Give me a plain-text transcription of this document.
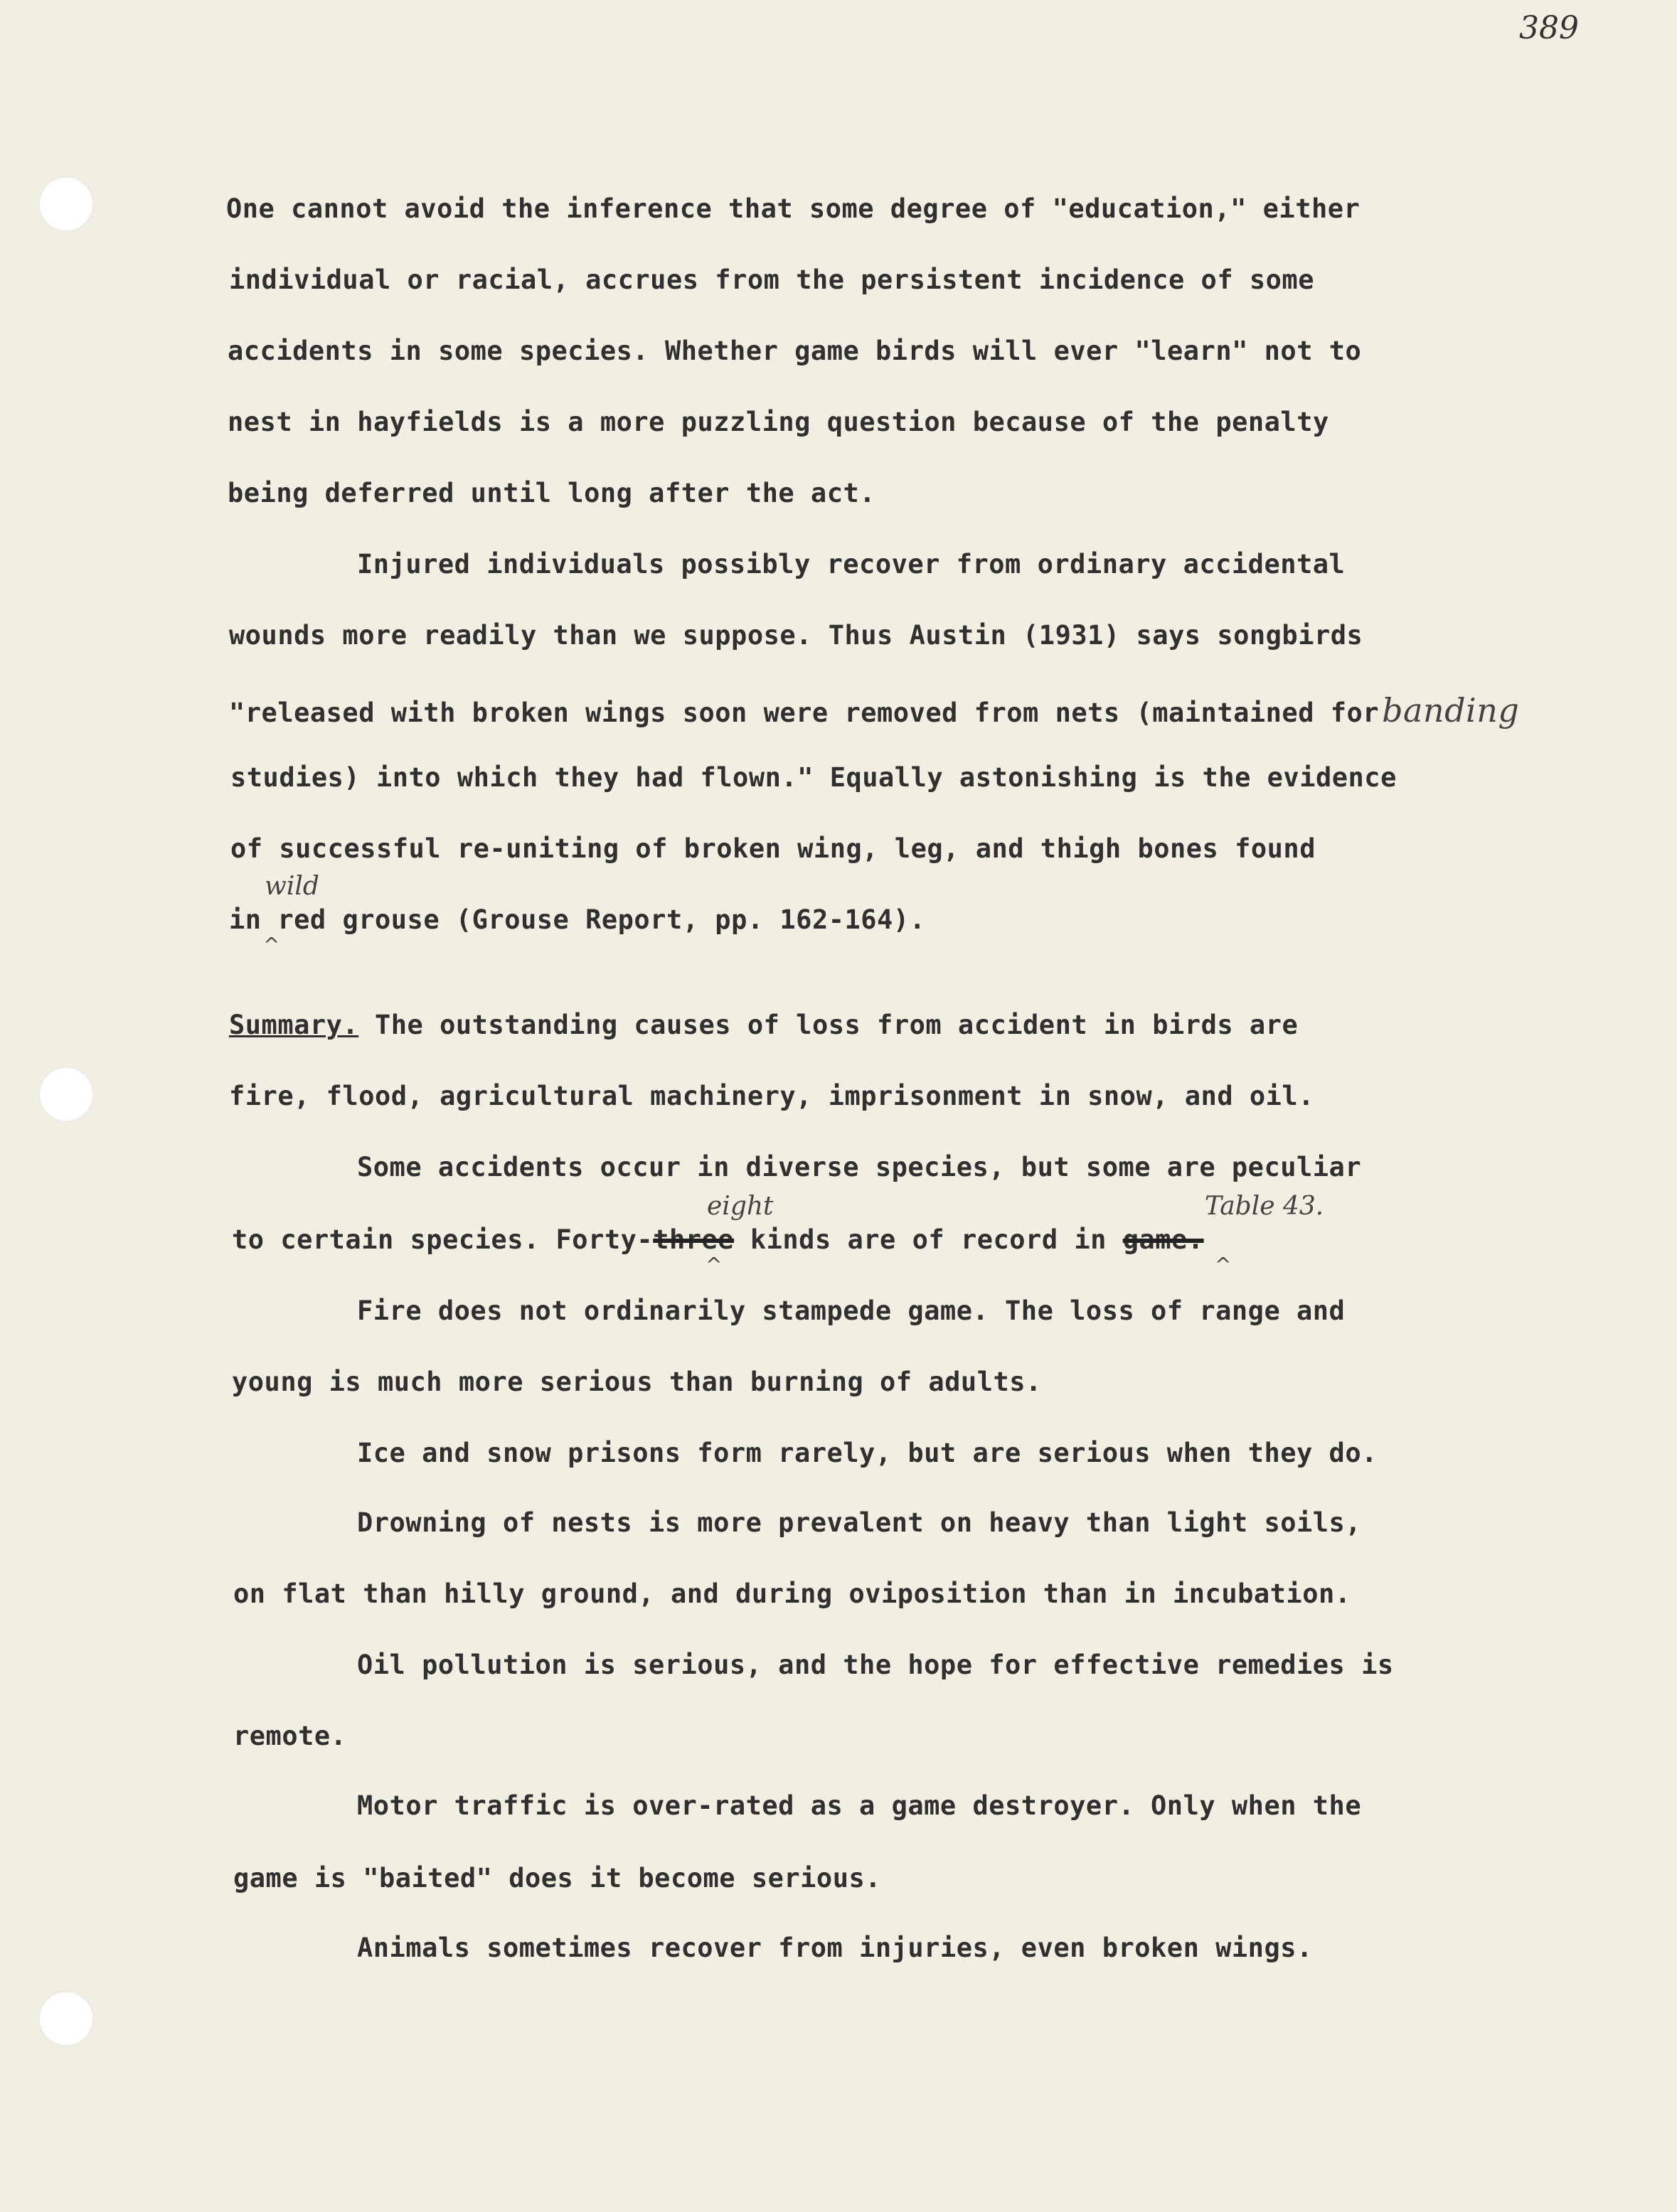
389
One cannot avoid the inference that some degree of "education," either
individual or racial, accrues from the persistent incidence of some
accidents in some species. Whether game birds will ever "learn" not to
nest in hayfields is a more puzzling question because of the penalty
being deferred until long after the act.
Injured individuals possibly recover from ordinary accidental
wounds more readily than we suppose. Thus Austin (1931) says songbirds
"released with broken wings soon were removed from nets (maintained forbanding
studies) into which they had flown." Equally astonishing is the evidence
of successful re-uniting of broken wing, leg, and thigh bones found
wild
^
in red grouse (Grouse Report, pp. 162-164).
Summary. The outstanding causes of loss from accident in birds are
fire, flood, agricultural machinery, imprisonment in snow, and oil.
Some accidents occur in diverse species, but some are peculiar
eight
^
Table 43.
^
to certain species. Forty-three kinds are of record in game.
Fire does not ordinarily stampede game. The loss of range and
young is much more serious than burning of adults.
Ice and snow prisons form rarely, but are serious when they do.
Drowning of nests is more prevalent on heavy than light soils,
on flat than hilly ground, and during oviposition than in incubation.
Oil pollution is serious, and the hope for effective remedies is
remote.
Motor traffic is over-rated as a game destroyer. Only when the
game is "baited" does it become serious.
Animals sometimes recover from injuries, even broken wings.
